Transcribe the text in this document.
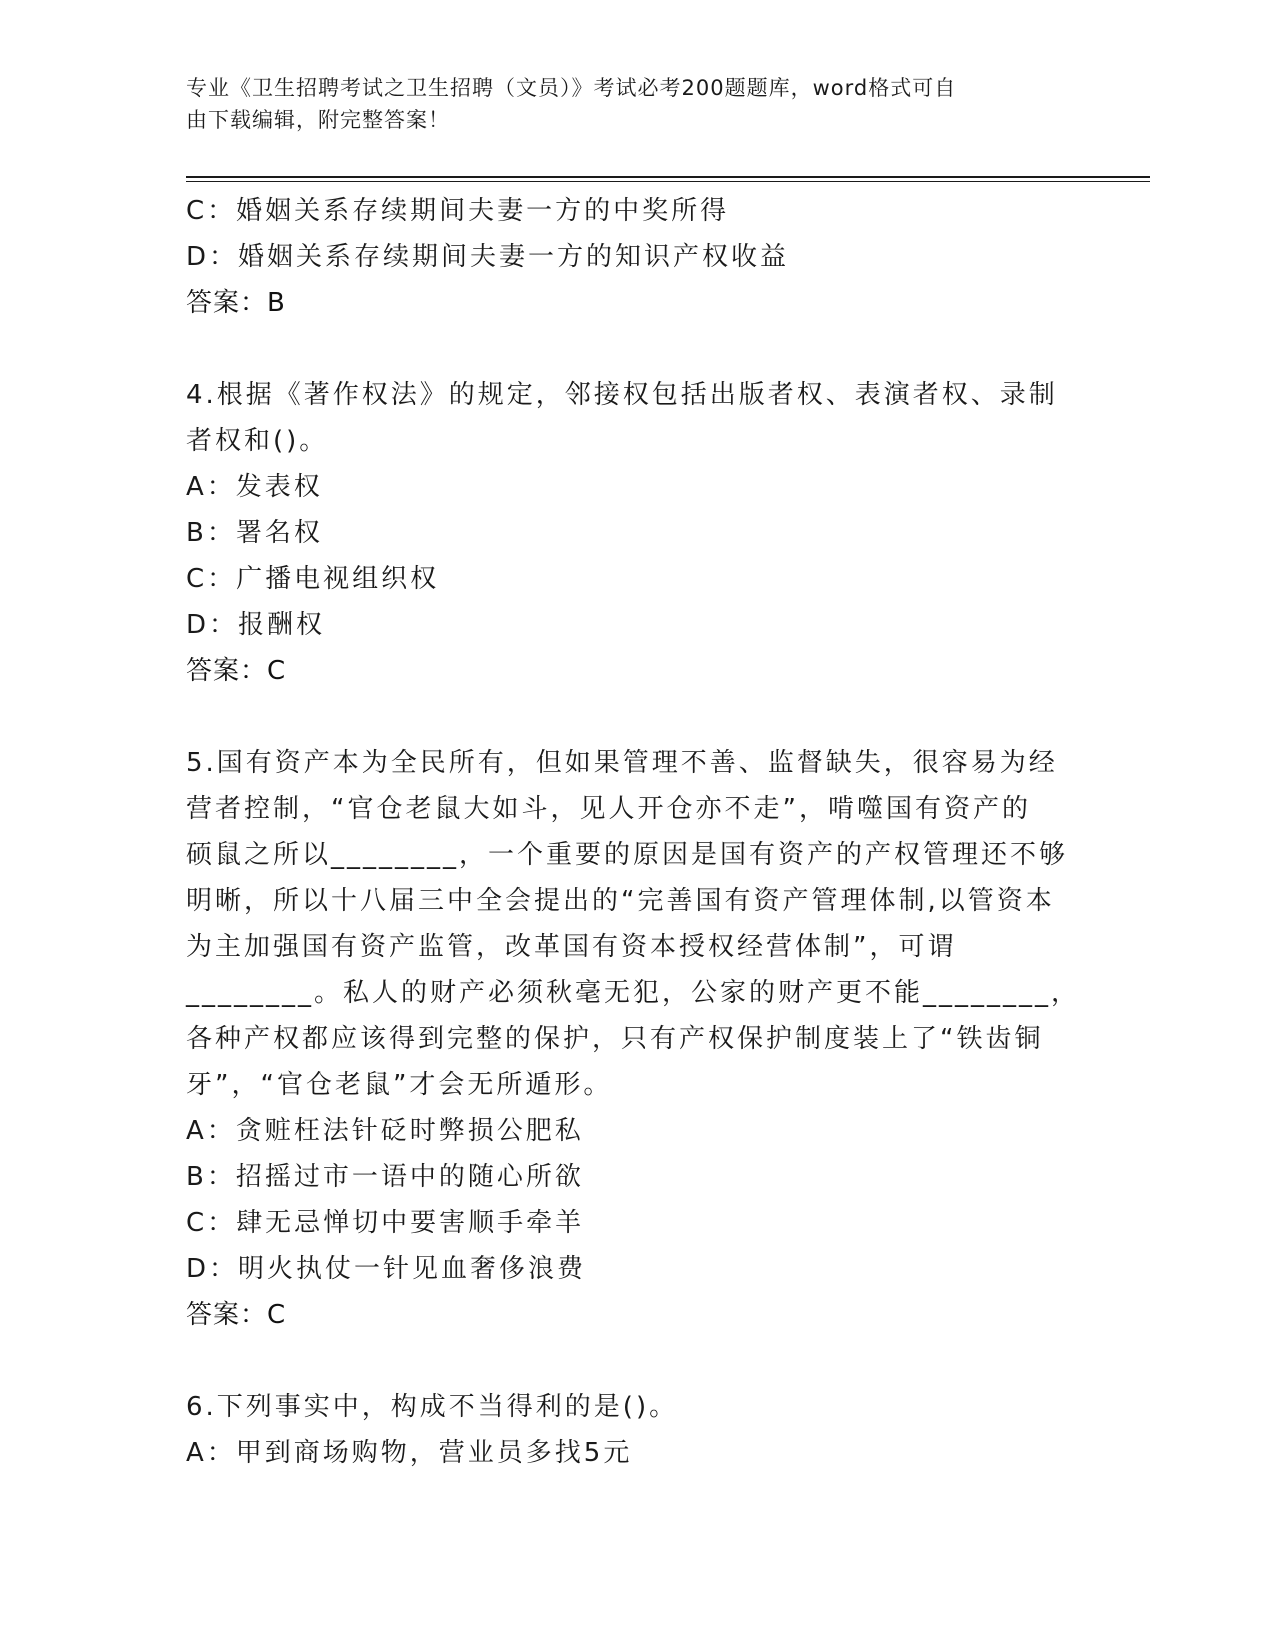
专业《卫生招聘考试之卫生招聘（文员）》考试必考200题题库，word格式可自
由下载编辑，附完整答案！
C：婚姻关系存续期间夫妻一方的中奖所得
D：婚姻关系存续期间夫妻一方的知识产权收益
答案：B
4.根据《著作权法》的规定，邻接权包括出版者权、表演者权、录制
者权和()。
A：发表权
B：署名权
C：广播电视组织权
D：报酬权
答案：C
5.国有资产本为全民所有，但如果管理不善、监督缺失，很容易为经
营者控制，“官仓老鼠大如斗，见人开仓亦不走”，啃噬国有资产的
硕鼠之所以________，一个重要的原因是国有资产的产权管理还不够
明晰，所以十八届三中全会提出的“完善国有资产管理体制,以管资本
为主加强国有资产监管，改革国有资本授权经营体制”，可谓
________。私人的财产必须秋毫无犯，公家的财产更不能________，
各种产权都应该得到完整的保护，只有产权保护制度装上了“铁齿铜
牙”，“官仓老鼠”才会无所遁形。
A：贪赃枉法针砭时弊损公肥私
B：招摇过市一语中的随心所欲
C：肆无忌惮切中要害顺手牵羊
D：明火执仗一针见血奢侈浪费
答案：C
6.下列事实中，构成不当得利的是()。
A：甲到商场购物，营业员多找5元
